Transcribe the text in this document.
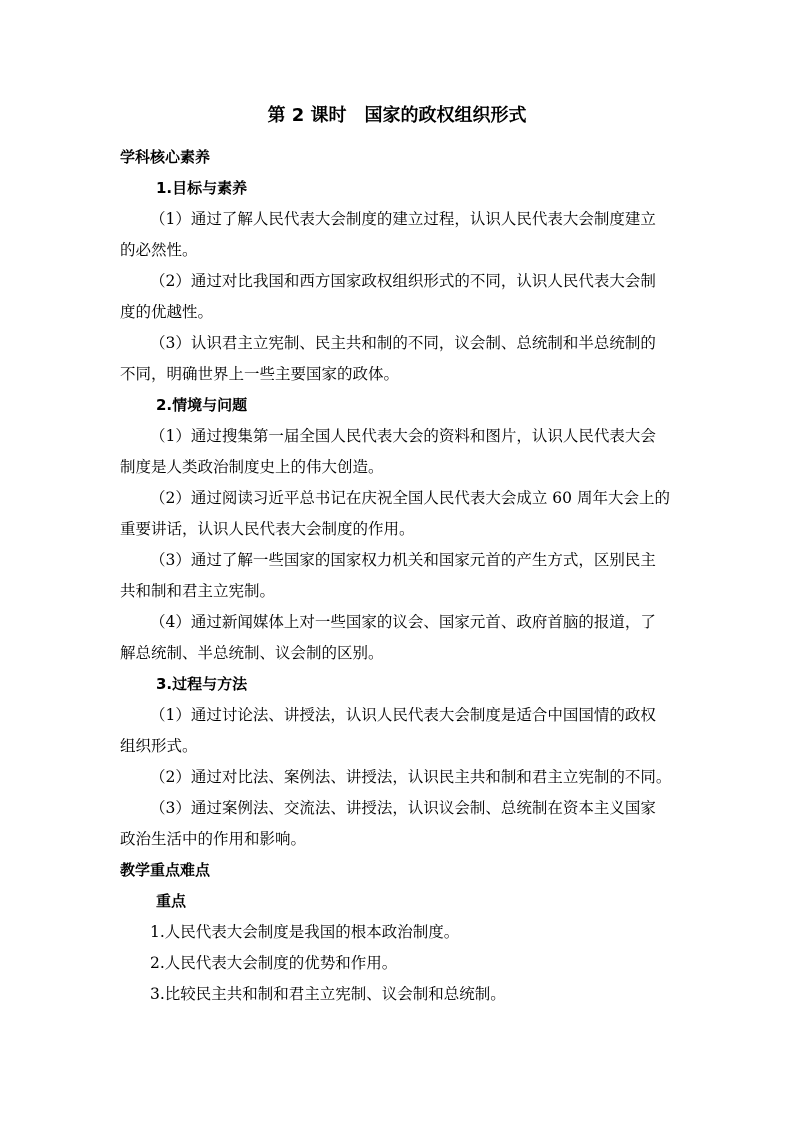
第 2 课时　国家的政权组织形式
学科核心素养
1.目标与素养
（1）通过了解人民代表大会制度的建立过程，认识人民代表大会制度建立
的必然性。
（2）通过对比我国和西方国家政权组织形式的不同，认识人民代表大会制
度的优越性。
（3）认识君主立宪制、民主共和制的不同，议会制、总统制和半总统制的
不同，明确世界上一些主要国家的政体。
2.情境与问题
（1）通过搜集第一届全国人民代表大会的资料和图片，认识人民代表大会
制度是人类政治制度史上的伟大创造。
（2）通过阅读习近平总书记在庆祝全国人民代表大会成立 60 周年大会上的
重要讲话，认识人民代表大会制度的作用。
（3）通过了解一些国家的国家权力机关和国家元首的产生方式，区别民主
共和制和君主立宪制。
（4）通过新闻媒体上对一些国家的议会、国家元首、政府首脑的报道，了
解总统制、半总统制、议会制的区别。
3.过程与方法
（1）通过讨论法、讲授法，认识人民代表大会制度是适合中国国情的政权
组织形式。
（2）通过对比法、案例法、讲授法，认识民主共和制和君主立宪制的不同。
（3）通过案例法、交流法、讲授法，认识议会制、总统制在资本主义国家
政治生活中的作用和影响。
教学重点难点
重点
1.人民代表大会制度是我国的根本政治制度。
2.人民代表大会制度的优势和作用。
3.比较民主共和制和君主立宪制、议会制和总统制。
